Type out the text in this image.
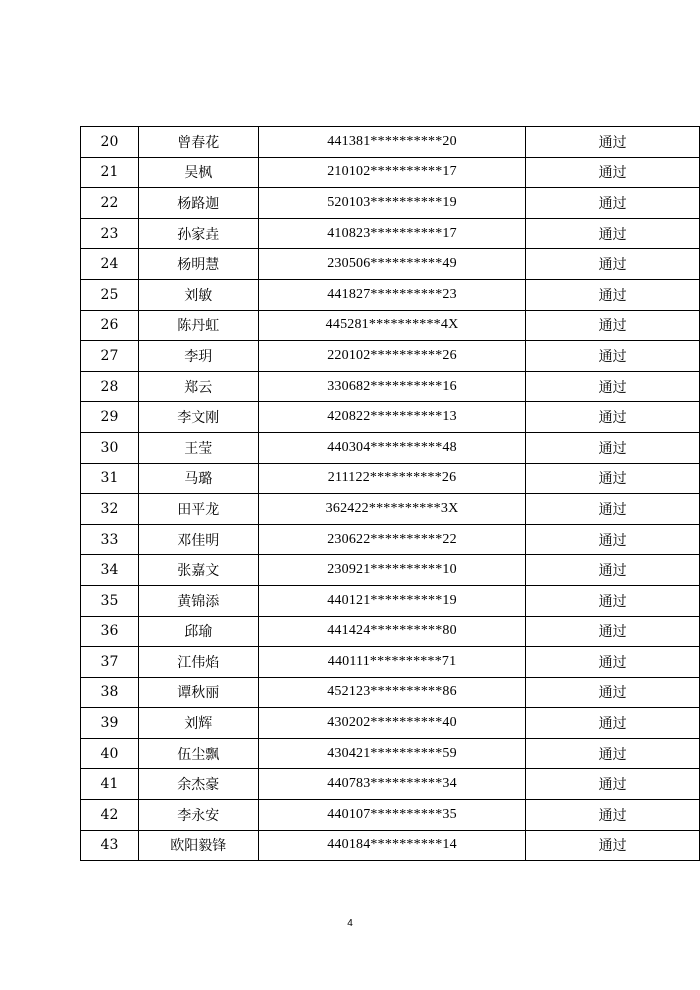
20	曾春花	441381**********20	通过
21	吴枫	210102**********17	通过
22	杨路迦	520103**********19	通过
23	孙家垚	410823**********17	通过
24	杨明慧	230506**********49	通过
25	刘敏	441827**********23	通过
26	陈丹虹	445281**********4X	通过
27	李玥	220102**********26	通过
28	郑云	330682**********16	通过
29	李文刚	420822**********13	通过
30	王莹	440304**********48	通过
31	马璐	211122**********26	通过
32	田平龙	362422**********3X	通过
33	邓佳明	230622**********22	通过
34	张嘉文	230921**********10	通过
35	黄锦添	440121**********19	通过
36	邱瑜	441424**********80	通过
37	江伟焰	440111**********71	通过
38	谭秋丽	452123**********86	通过
39	刘辉	430202**********40	通过
40	伍尘飘	430421**********59	通过
41	余杰豪	440783**********34	通过
42	李永安	440107**********35	通过
43	欧阳毅锋	440184**********14	通过
4
